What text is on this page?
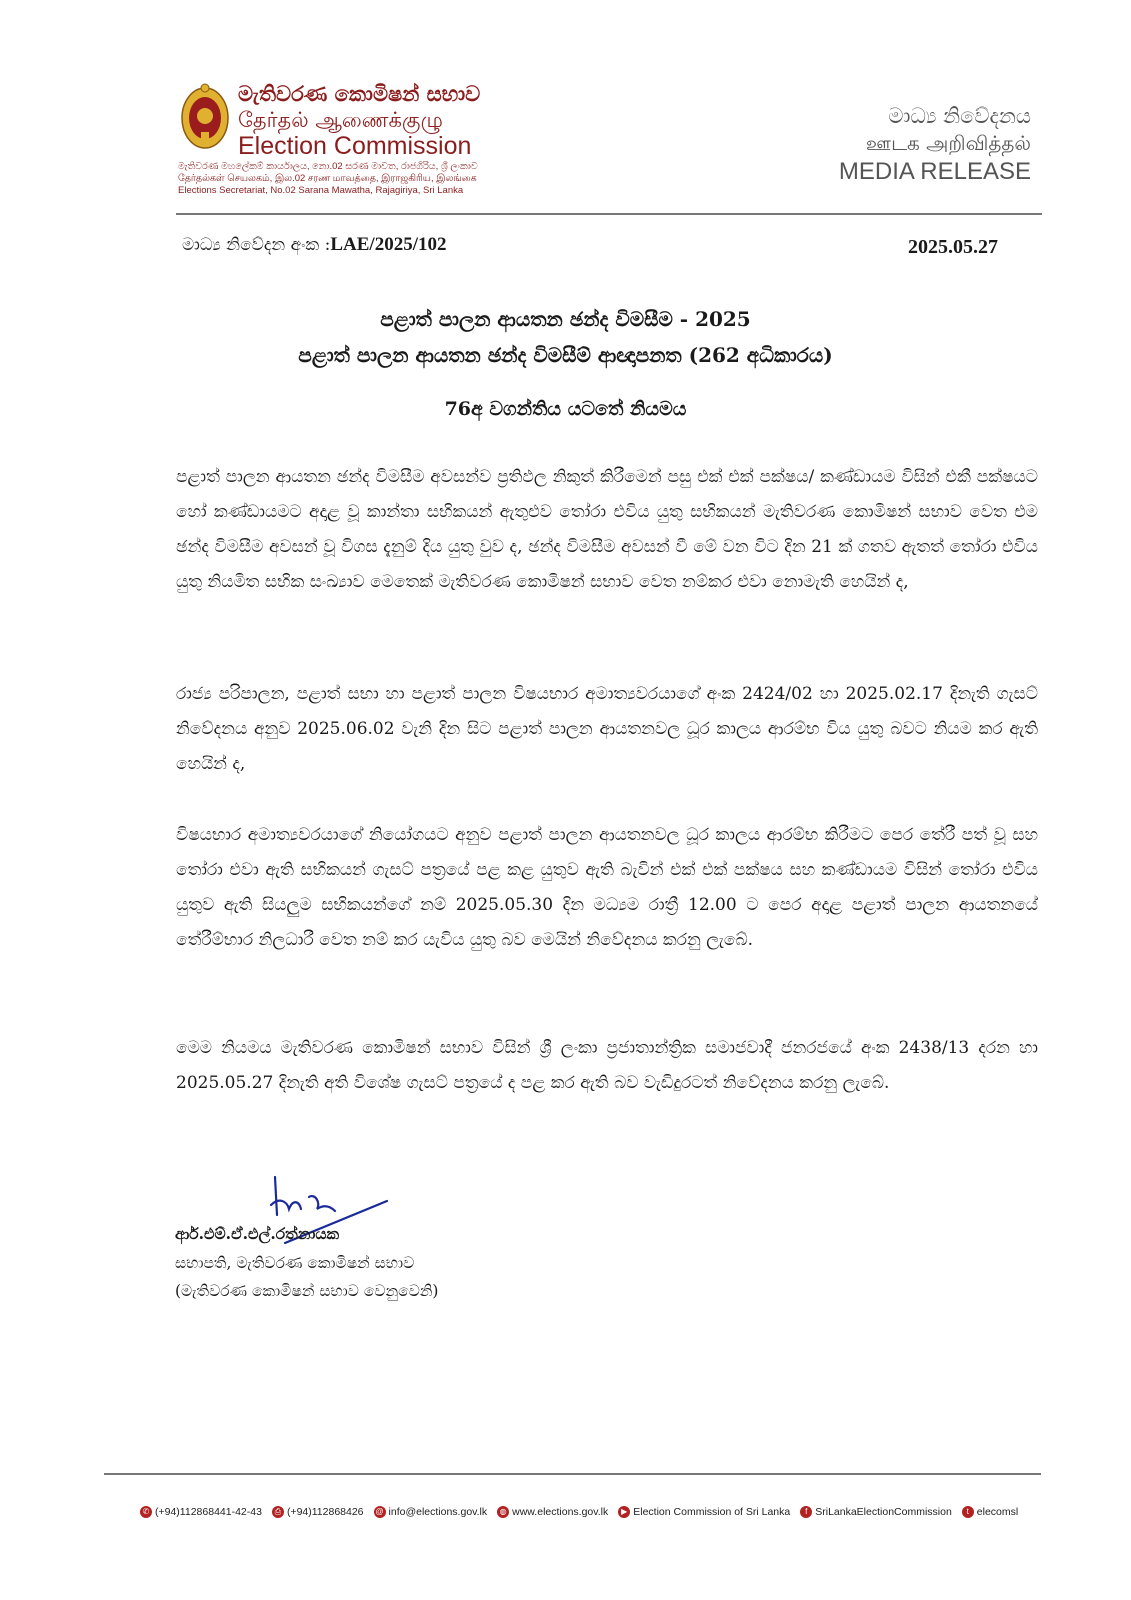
මැතිවරණ කොමිෂන් සභාව
தேர்தல் ஆணைக்குழு
Election Commission
මැතිවරණ මහලේකම් කාර්යාලය, නො.02 සරණ මාවත, රාජගිරිය, ශ්‍රී ලංකාව
தேர்தல்கள் செயலகம், இல.02 சரண மாவத்தை, இராஜகிரிய, இலங்கை
Elections Secretariat, No.02 Sarana Mawatha, Rajagiriya, Sri Lanka
මාධ්‍ය නිවේදනය
ஊடக அறிவித்தல்
MEDIA RELEASE
මාධ්‍ය නිවේදන අංක :LAE/2025/102	2025.05.27
පළාත් පාලන ආයතන ඡන්ද විමසීම - 2025
පළාත් පාලන ආයතන ඡන්ද විමසීම් ආඥාපනත (262 අධිකාරය)
76අ වගන්තිය යටතේ නියමය
පළාත් පාලන ආයතන ඡන්ද විමසීම අවසන්ව ප්‍රතිඵල නිකුත් කිරීමෙන් පසු එක් එක් පක්ෂය/ කණ්ඩායම විසින් එකී පක්ෂයට හෝ කණ්ඩායමට අදාළ වූ කාන්තා සභිකයන් ඇතුළුව තෝරා එවිය යුතු සභිකයන් මැතිවරණ කොමිෂන් සභාව වෙත එම ඡන්ද විමසීම අවසන් වූ විගස දැනුම් දිය යුතු වුව ද, ඡන්ද විමසීම අවසන් වී මේ වන විට දින 21 ක් ගතව ඇතත් තෝරා එවිය යුතු නියමිත සභික සංඛ්‍යාව මෙතෙක් මැතිවරණ කොමිෂන් සභාව වෙත නම්කර එවා නොමැති හෙයින් ද,
රාජ්‍ය පරිපාලන, පළාත් සභා හා පළාත් පාලන විෂයභාර අමාත්‍යවරයාගේ අංක 2424/02 හා 2025.02.17 දිනැති ගැසට් නිවේදනය අනුව 2025.06.02 වැනි දින සිට පළාත් පාලන ආයතනවල ධූර කාලය ආරම්භ විය යුතු බවට නියම කර ඇති හෙයින් ද,
විෂයභාර අමාත්‍යවරයාගේ නියෝගයට අනුව පළාත් පාලන ආයතනවල ධූර කාලය ආරම්භ කිරීමට පෙර තේරී පත් වූ සහ තෝරා එවා ඇති සභිකයන් ගැසට් පත්‍රයේ පළ කළ යුතුව ඇති බැවින් එක් එක් පක්ෂය සහ කණ්ඩායම විසින් තෝරා එවිය යුතුව ඇති සියලුම සභිකයන්ගේ නම් 2025.05.30 දින මධ්‍යම රාත්‍රී 12.00 ට පෙර අදාළ පළාත් පාලන ආයතනයේ තේරීම්භාර නිලධාරී වෙත නම් කර යැවිය යුතු බව මෙයින් නිවේදනය කරනු ලැබේ.
මෙම නියමය මැතිවරණ කොමිෂන් සභාව විසින් ශ්‍රී ලංකා ප්‍රජාතාන්ත්‍රික සමාජවාදී ජනරජයේ අංක 2438/13 දරන හා 2025.05.27 දිනැති අති විශේෂ ගැසට් පත්‍රයේ ද පළ කර ඇති බව වැඩිදුරටත් නිවේදනය කරනු ලැබේ.
ආර්.එම්.ඒ.එල්.රත්නායක
සභාපති, මැතිවරණ කොමිෂන් සභාව
(මැතිවරණ කොමිෂන් සභාව වෙනුවෙනි)
✆ (+94)112868441-42-43	⎙ (+94)112868426 @ info@elections.gov.lk	◍ www.elections.gov.lk	▶ Election Commission of Sri Lanka	f SriLankaElectionCommission	t elecomsl
